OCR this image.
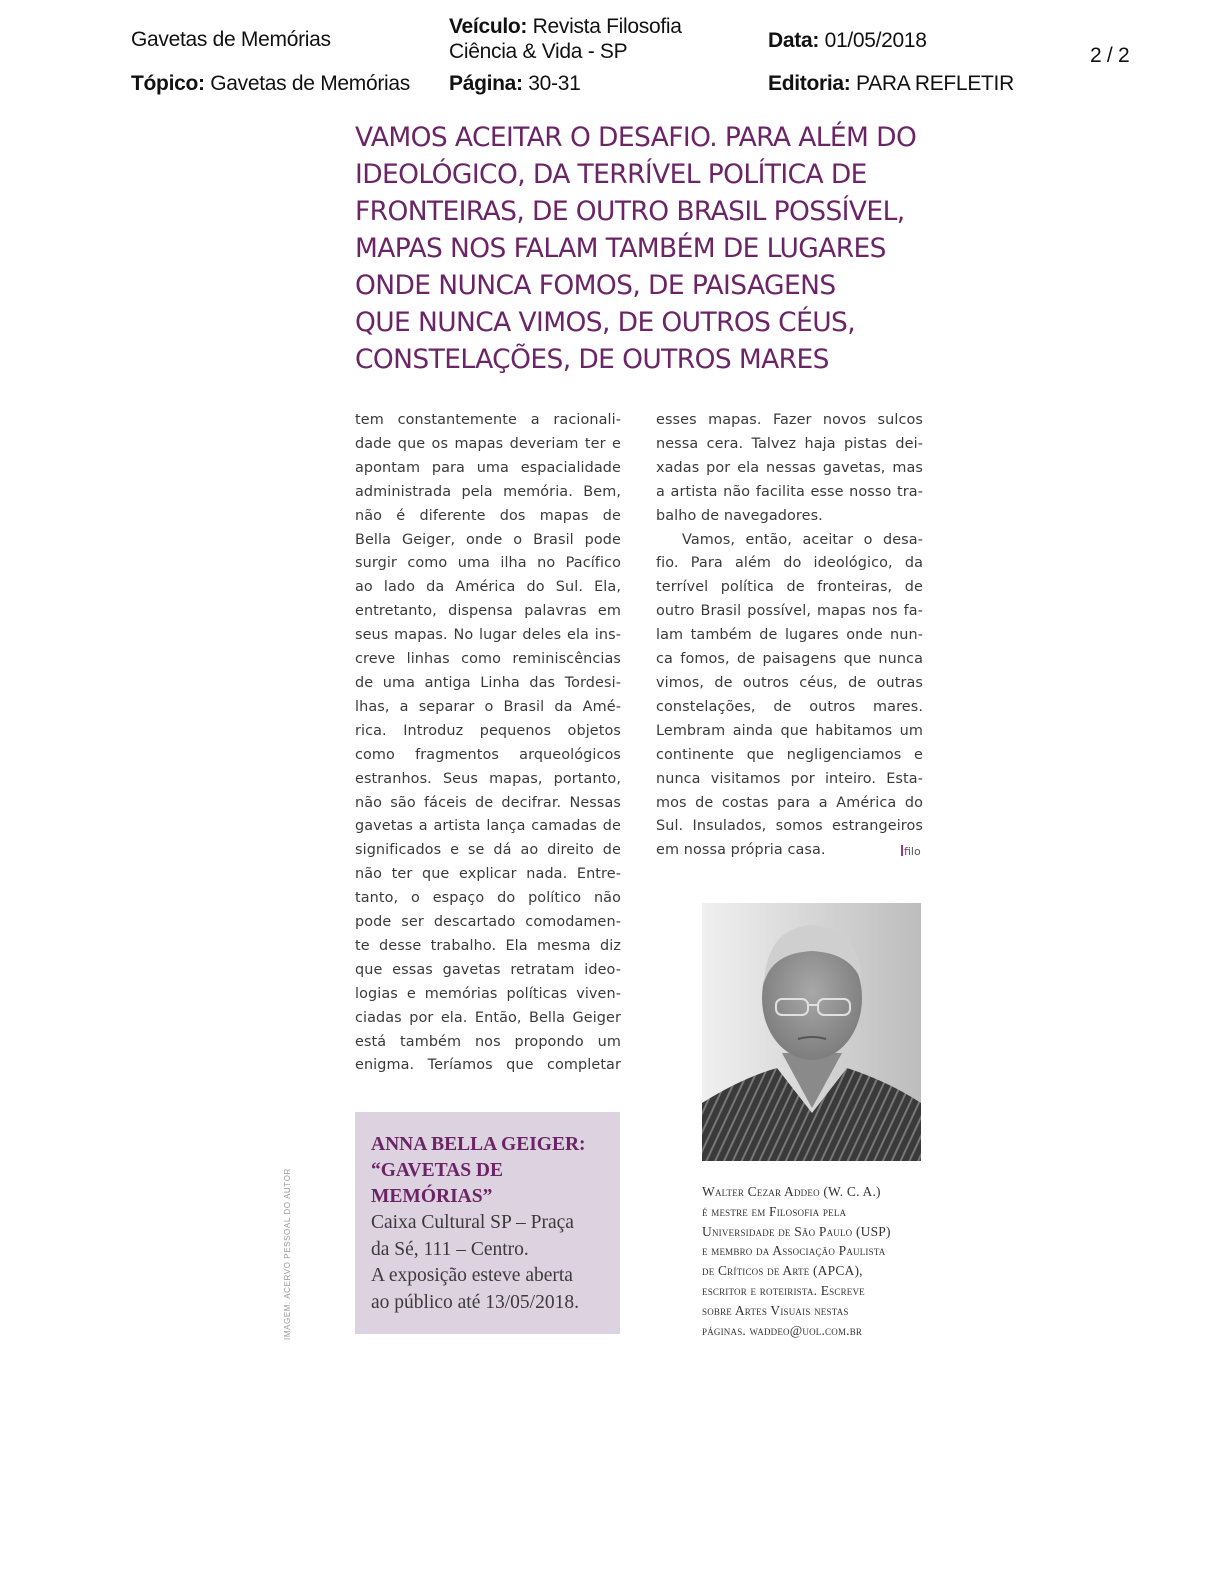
Gavetas de Memórias
Tópico: Gavetas de Memórias
Veículo: Revista Filosofia
Ciência & Vida - SP
Página: 30-31
Data: 01/05/2018
Editoria: PARA REFLETIR
2 / 2
VAMOS ACEITAR O DESAFIO. PARA ALÉM DO
IDEOLÓGICO, DA TERRÍVEL POLÍTICA DE
FRONTEIRAS, DE OUTRO BRASIL POSSÍVEL,
MAPAS NOS FALAM TAMBÉM DE LUGARES
ONDE NUNCA FOMOS, DE PAISAGENS
QUE NUNCA VIMOS, DE OUTROS CÉUS,
CONSTELAÇÕES, DE OUTROS MARES
tem constantemente a racionali-
dade que os mapas deveriam ter e
apontam para uma espacialidade
administrada pela memória. Bem,
não é diferente dos mapas de
Bella Geiger, onde o Brasil pode
surgir como uma ilha no Pacífico
ao lado da América do Sul. Ela,
entretanto, dispensa palavras em
seus mapas. No lugar deles ela ins-
creve linhas como reminiscências
de uma antiga Linha das Tordesi-
lhas, a separar o Brasil da Amé-
rica. Introduz pequenos objetos
como fragmentos arqueológicos
estranhos. Seus mapas, portanto,
não são fáceis de decifrar. Nessas
gavetas a artista lança camadas de
significados e se dá ao direito de
não ter que explicar nada. Entre-
tanto, o espaço do político não
pode ser descartado comodamen-
te desse trabalho. Ela mesma diz
que essas gavetas retratam ideo-
logias e memórias políticas viven-
ciadas por ela. Então, Bella Geiger
está também nos propondo um
enigma. Teríamos que completar
esses mapas. Fazer novos sulcos
nessa cera. Talvez haja pistas dei-
xadas por ela nessas gavetas, mas
a artista não facilita esse nosso tra-
balho de navegadores.
Vamos, então, aceitar o desa-
fio. Para além do ideológico, da
terrível política de fronteiras, de
outro Brasil possível, mapas nos fa-
lam também de lugares onde nun-
ca fomos, de paisagens que nunca
vimos, de outros céus, de outras
constelações, de outros mares.
Lembram ainda que habitamos um
continente que negligenciamos e
nunca visitamos por inteiro. Esta-
mos de costas para a América do
Sul. Insulados, somos estrangeiros
em nossa própria casa.	filo
ANNA BELLA GEIGER:
“GAVETAS DE
MEMÓRIAS”
Caixa Cultural SP – Praça
da Sé, 111 – Centro.
A exposição esteve aberta
ao público até 13/05/2018.
IMAGEM: ACERVO PESSOAL DO AUTOR	Walter Cezar Addeo (W. C. A.)
é mestre em Filosofia pela
Universidade de São Paulo (USP)
e membro da Associação Paulista
de Críticos de Arte (APCA),
escritor e roteirista. Escreve
sobre Artes Visuais nestas
páginas. waddeo@uol.com.br
